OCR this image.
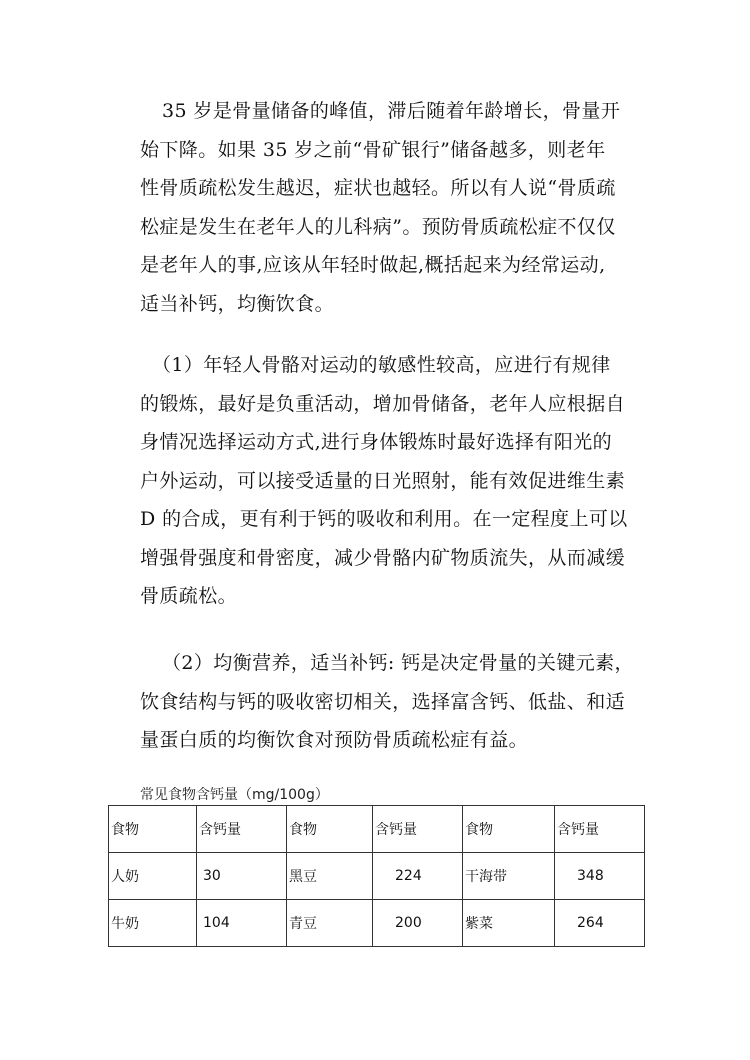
35 岁是骨量储备的峰值，滞后随着年龄增长，骨量开
始下降。如果 35 岁之前“骨矿银行”储备越多，则老年
性骨质疏松发生越迟，症状也越轻。所以有人说“骨质疏
松症是发生在老年人的儿科病”。预防骨质疏松症不仅仅
是老年人的事,应该从年轻时做起,概括起来为经常运动,
适当补钙，均衡饮食。

（1）年轻人骨骼对运动的敏感性较高，应进行有规律
的锻炼，最好是负重活动，增加骨储备，老年人应根据自
身情况选择运动方式,进行身体锻炼时最好选择有阳光的
户外运动，可以接受适量的日光照射，能有效促进维生素
D 的合成，更有利于钙的吸收和利用。在一定程度上可以
增强骨强度和骨密度，减少骨骼内矿物质流失，从而减缓
骨质疏松。

（2）均衡营养，适当补钙: 钙是决定骨量的关键元素，
饮食结构与钙的吸收密切相关，选择富含钙、低盐、和适
量蛋白质的均衡饮食对预防骨质疏松症有益。

常见食物含钙量（mg/100g）
食物	含钙量	食物	含钙量	食物	含钙量
人奶	30	黑豆	224	干海带	348
牛奶	104	青豆	200	紫菜	264
